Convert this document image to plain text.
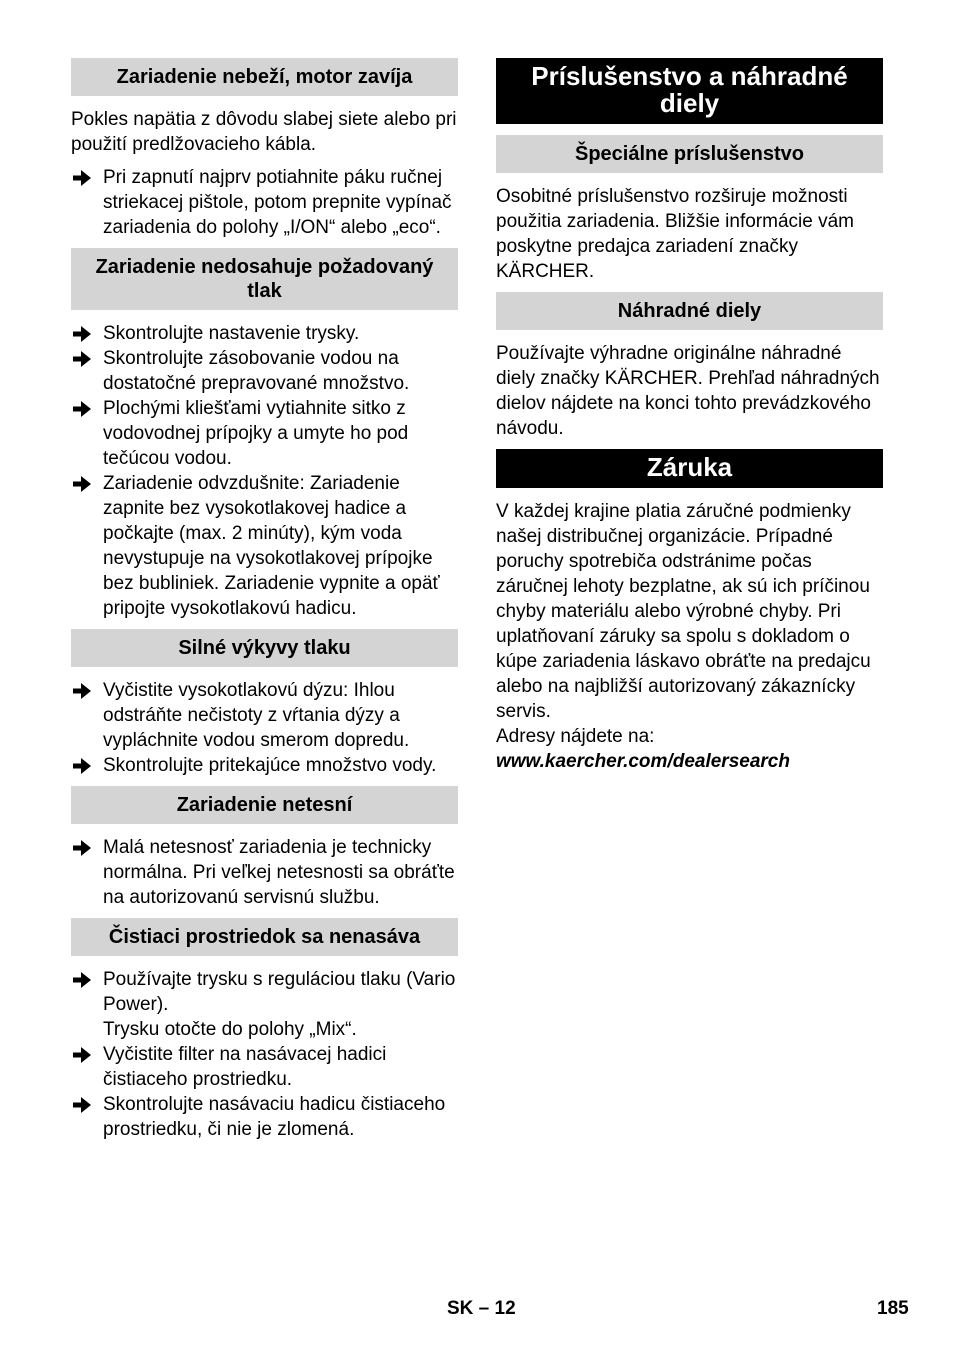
Zariadenie nebeží, motor zavíja
Pokles napätia z dôvodu slabej siete alebo pri použití predlžovacieho kábla.
Pri zapnutí najprv potiahnite páku ručnej striekacej pištole, potom prepnite vypínač zariadenia do polohy „I/ON“ alebo „eco“.
Zariadenie nedosahuje požadovaný tlak
Skontrolujte nastavenie trysky.
Skontrolujte zásobovanie vodou na dostatočné prepravované množstvo.
Plochými kliešťami vytiahnite sitko z vodovodnej prípojky a umyte ho pod tečúcou vodou.
Zariadenie odvzdušnite: Zariadenie zapnite bez vysokotlakovej hadice a počkajte (max. 2 minúty), kým voda nevystupuje na vysokotlakovej prípojke bez bubliniek. Zariadenie vypnite a opäť pripojte vysokotlakovú hadicu.
Silné výkyvy tlaku
Vyčistite vysokotlakovú dýzu: Ihlou odstráňte nečistoty z vŕtania dýzy a vypláchnite vodou smerom dopredu.
Skontrolujte pritekajúce množstvo vody.
Zariadenie netesní
Malá netesnosť zariadenia je technicky normálna. Pri veľkej netesnosti sa obráťte na autorizovanú servisnú službu.
Čistiaci prostriedok sa nenasáva
Používajte trysku s reguláciou tlaku (Vario Power).
Trysku otočte do polohy „Mix“.
Vyčistite filter na nasávacej hadici čistiaceho prostriedku.
Skontrolujte nasávaciu hadicu čistiaceho prostriedku, či nie je zlomená.
Príslušenstvo a náhradné diely
Špeciálne príslušenstvo
Osobitné príslušenstvo rozširuje možnosti použitia zariadenia. Bližšie informácie vám poskytne predajca zariadení značky KÄRCHER.
Náhradné diely
Používajte výhradne originálne náhradné diely značky KÄRCHER. Prehľad náhradných dielov nájdete na konci tohto prevádzkového návodu.
Záruka
V každej krajine platia záručné podmienky našej distribučnej organizácie. Prípadné poruchy spotrebiča odstránime počas záručnej lehoty bezplatne, ak sú ich príčinou chyby materiálu alebo výrobné chyby. Pri uplatňovaní záruky sa spolu s dokladom o kúpe zariadenia láskavo obráťte na predajcu alebo na najbližší autorizovaný zákaznícky servis.
Adresy nájdete na:
www.kaercher.com/dealersearch
SK – 12	185
